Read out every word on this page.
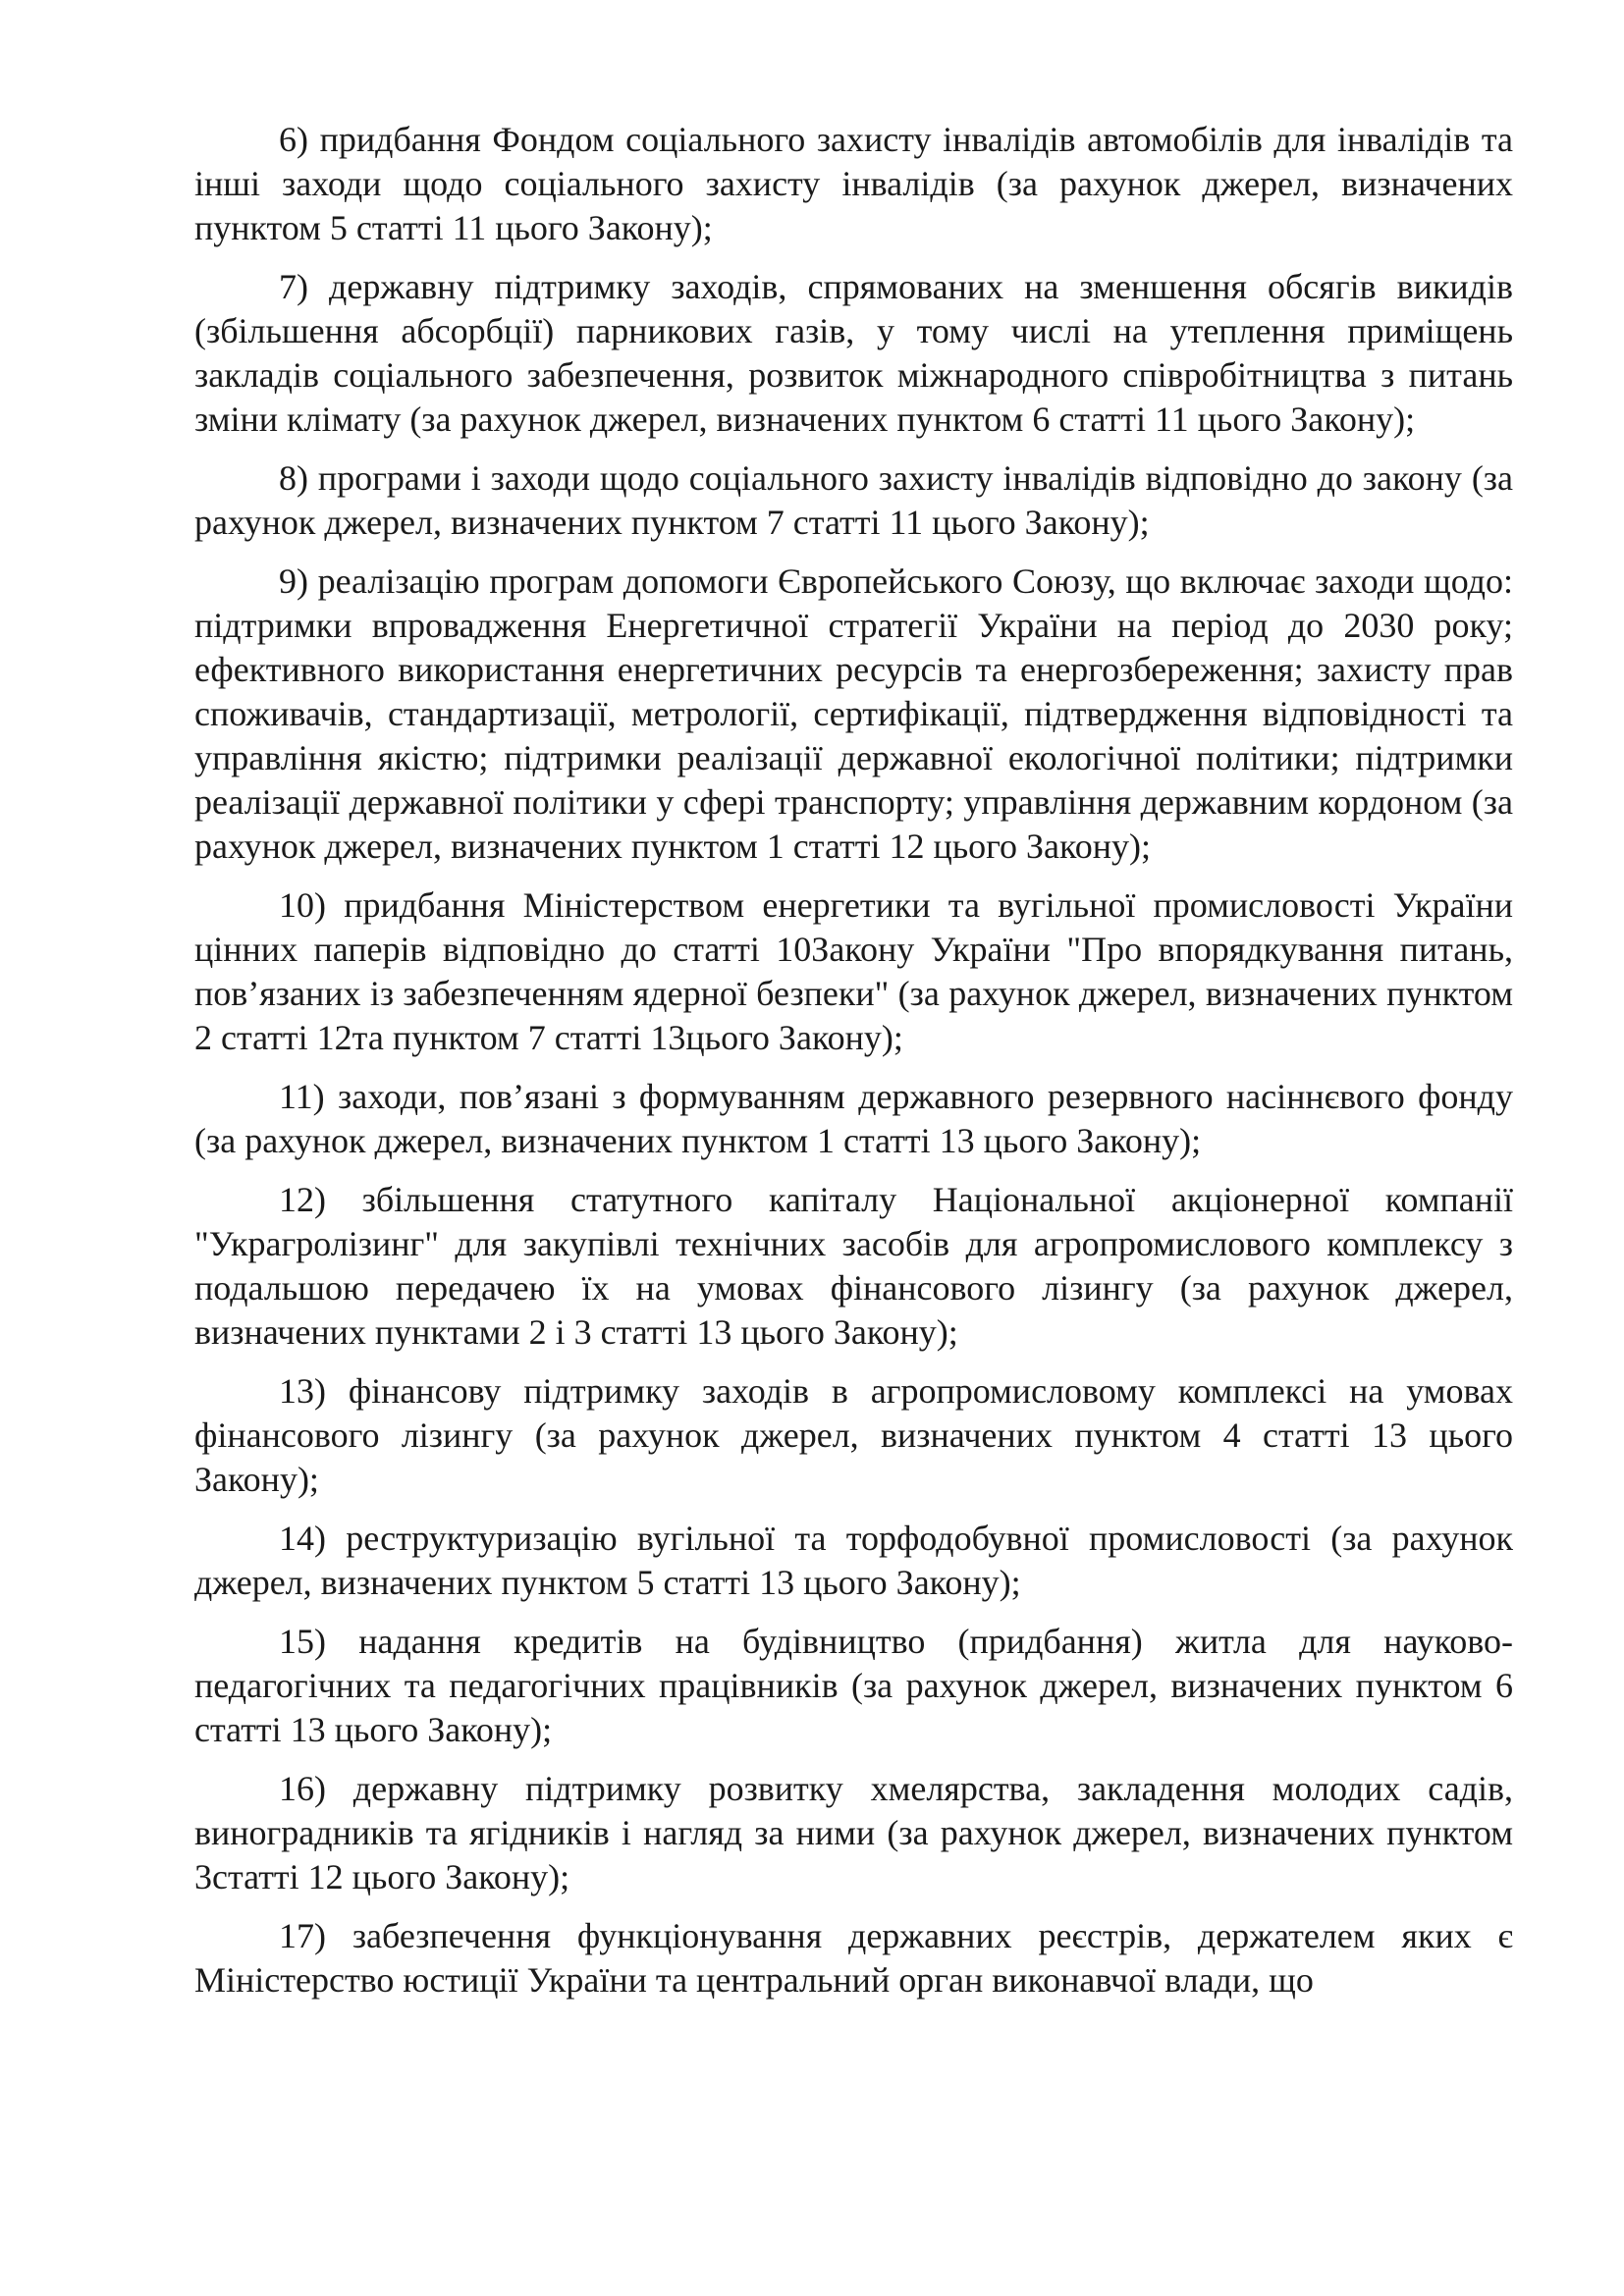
6) придбання Фондом соціального захисту інвалідів автомобілів для інвалідів та інші заходи щодо соціального захисту інвалідів (за рахунок джерел, визначених пунктом 5 статті 11 цього Закону);

7) державну підтримку заходів, спрямованих на зменшення обсягів викидів (збільшення абсорбції) парникових газів, у тому числі на утеплення приміщень закладів соціального забезпечення, розвиток міжнародного співробітництва з питань зміни клімату (за рахунок джерел, визначених пунктом 6 статті 11 цього Закону);

8) програми і заходи щодо соціального захисту інвалідів відповідно до закону (за рахунок джерел, визначених пунктом 7 статті 11 цього Закону);

9) реалізацію програм допомоги Європейського Союзу, що включає заходи щодо: підтримки впровадження Енергетичної стратегії України на період до 2030 року; ефективного використання енергетичних ресурсів та енергозбереження; захисту прав споживачів, стандартизації, метрології, сертифікації, підтвердження відповідності та управління якістю; підтримки реалізації державної екологічної політики; підтримки реалізації державної політики у сфері транспорту; управління державним кордоном (за рахунок джерел, визначених пунктом 1 статті 12 цього Закону);

10) придбання Міністерством енергетики та вугільної промисловості України цінних паперів відповідно до статті 10Закону України "Про впорядкування питань, пов’язаних із забезпеченням ядерної безпеки" (за рахунок джерел, визначених пунктом 2 статті 12та пунктом 7 статті 13цього Закону);

11) заходи, пов’язані з формуванням державного резервного насіннєвого фонду (за рахунок джерел, визначених пунктом 1 статті 13 цього Закону);

12) збільшення статутного капіталу Національної акціонерної компанії "Украгролізинг" для закупівлі технічних засобів для агропромислового комплексу з подальшою передачею їх на умовах фінансового лізингу (за рахунок джерел, визначених пунктами 2 і 3 статті 13 цього Закону);

13) фінансову підтримку заходів в агропромисловому комплексі на умовах фінансового лізингу (за рахунок джерел, визначених пунктом 4 статті 13 цього Закону);

14) реструктуризацію вугільної та торфодобувної промисловості (за рахунок джерел, визначених пунктом 5 статті 13 цього Закону);

15) надання кредитів на будівництво (придбання) житла для науково-педагогічних та педагогічних працівників (за рахунок джерел, визначених пунктом 6 статті 13 цього Закону);

16) державну підтримку розвитку хмелярства, закладення молодих садів, виноградників та ягідників і нагляд за ними (за рахунок джерел, визначених пунктом 3статті 12 цього Закону);

17) забезпечення функціонування державних реєстрів, держателем яких є Міністерство юстиції України та центральний орган виконавчої влади, що
